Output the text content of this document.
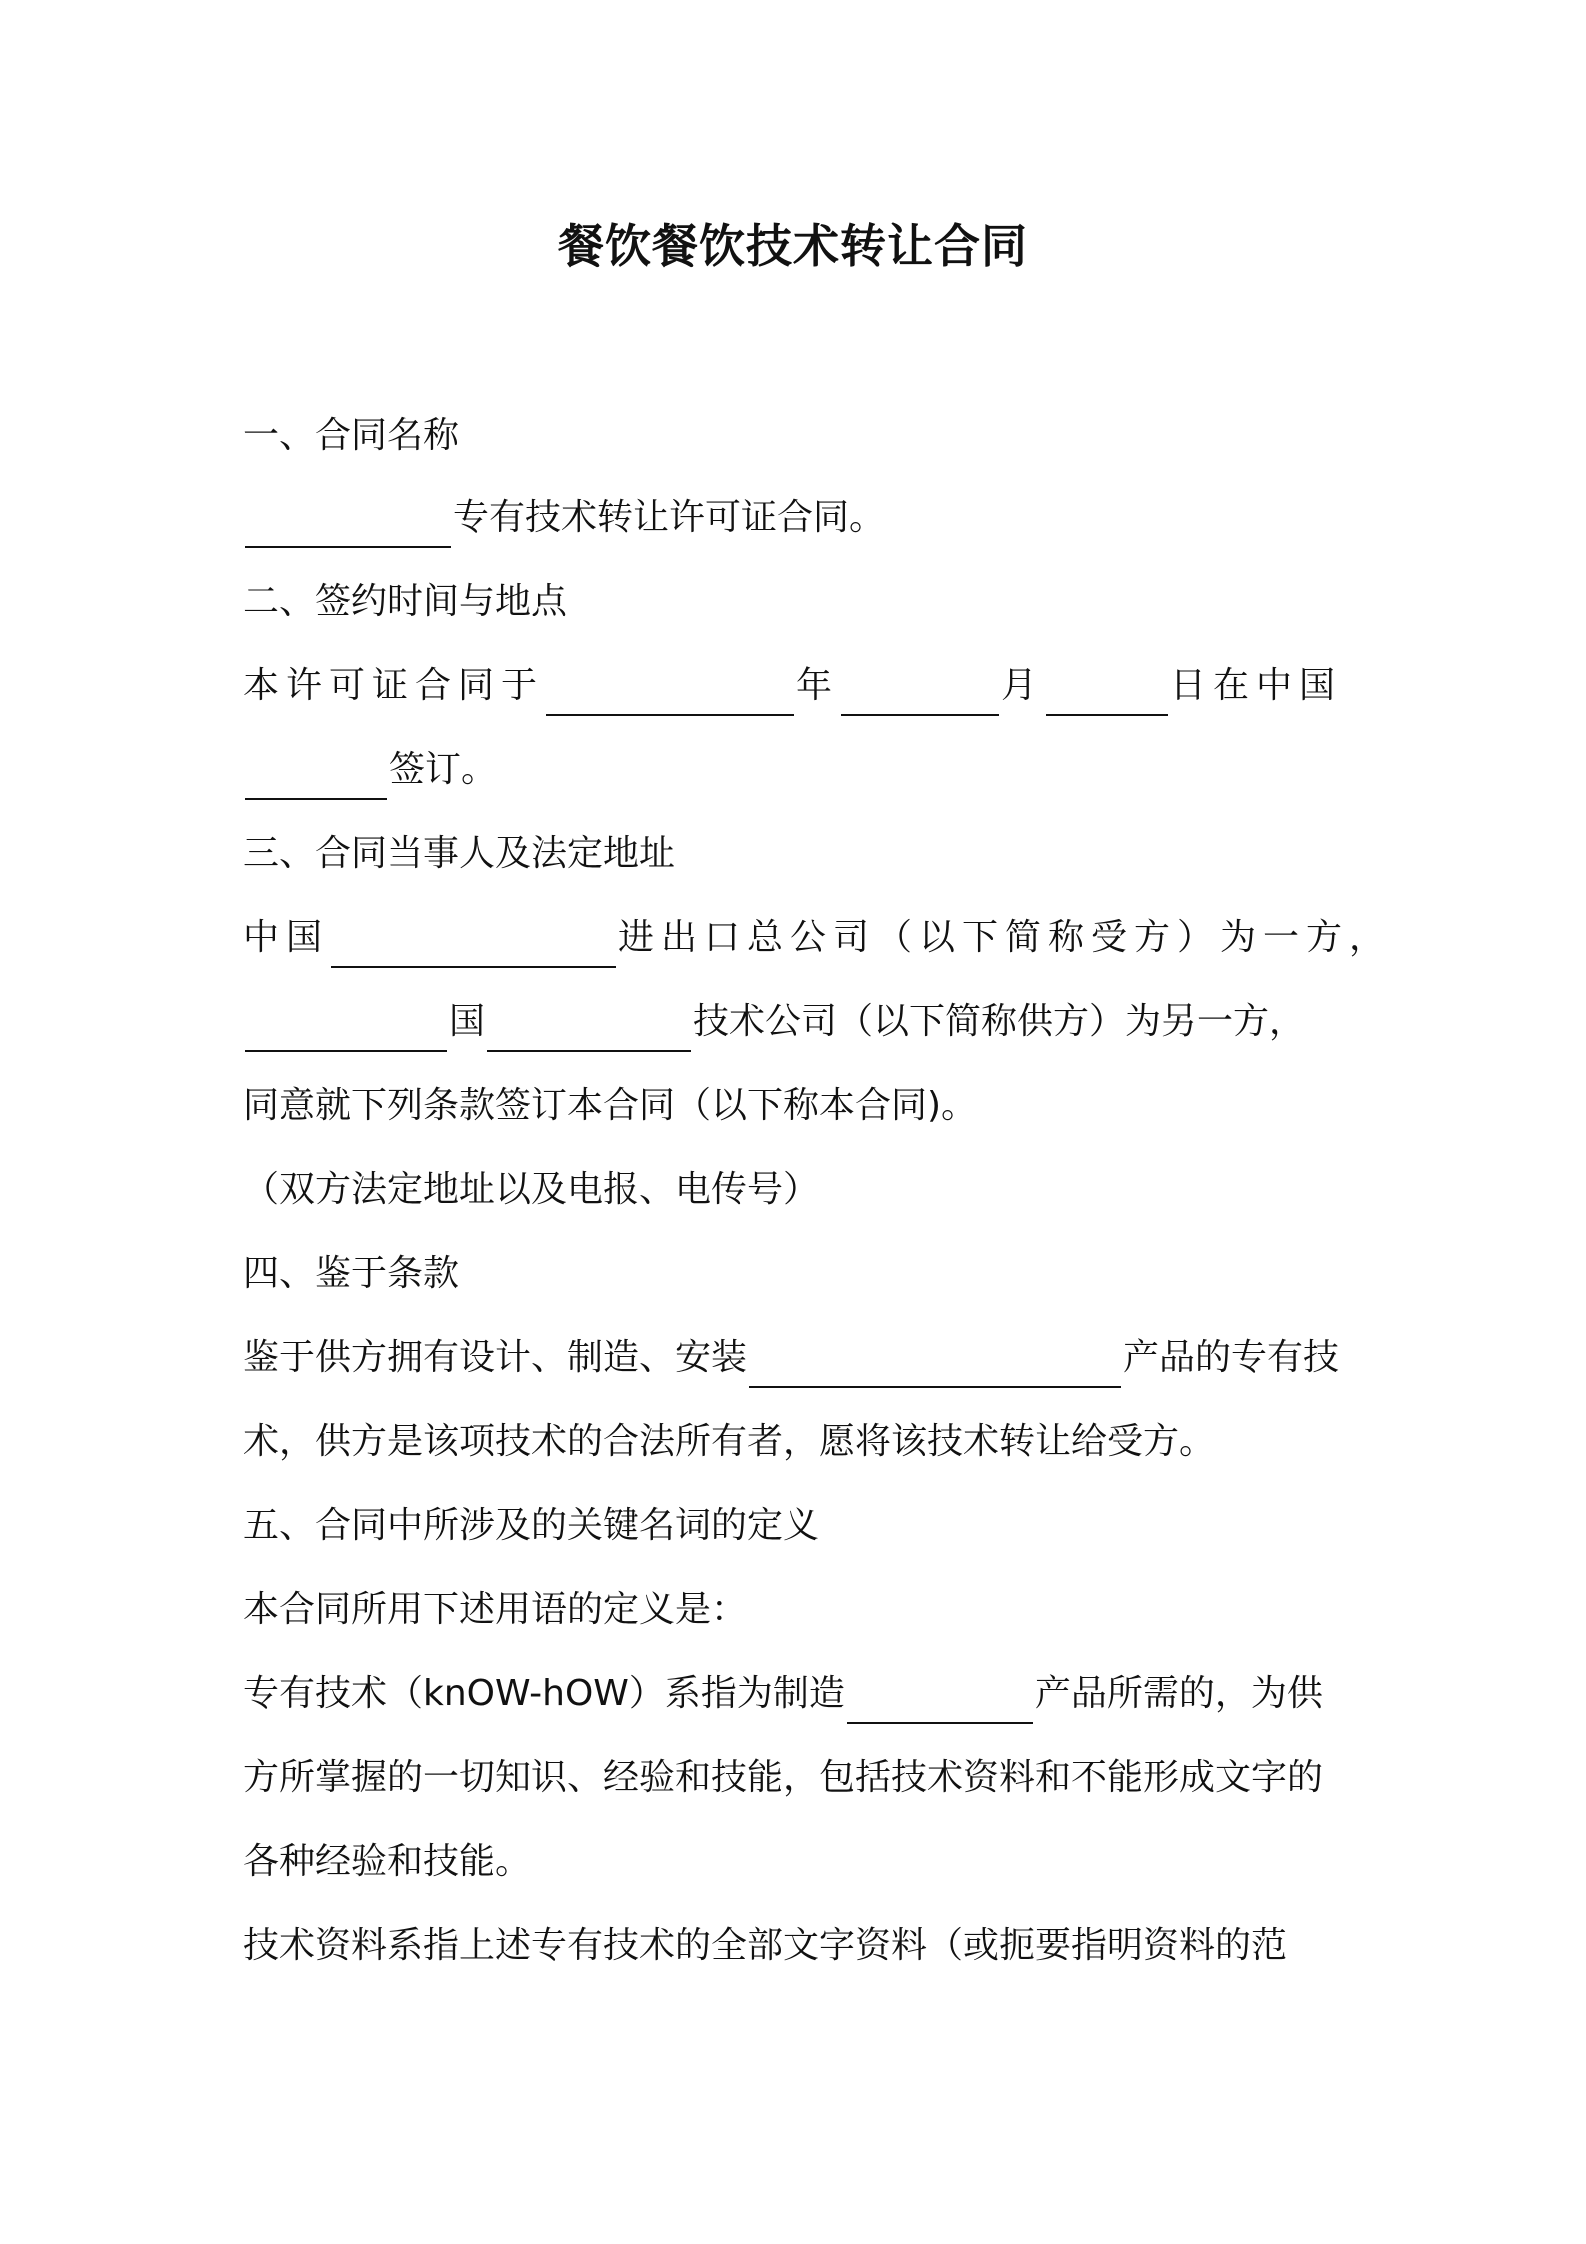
餐饮餐饮技术转让合同
一、合同名称
专有技术转让许可证合同。
二、签约时间与地点
本许可证合同于	年	月	日在中国
签订。
三、合同当事人及法定地址
中国	进出口总公司（以下简称受方）为一方，
国	技术公司（以下简称供方）为另一方，
同意就下列条款签订本合同（以下称本合同)。
（双方法定地址以及电报、电传号）
四、鉴于条款
鉴于供方拥有设计、制造、安装	产品的专有技
术，供方是该项技术的合法所有者，愿将该技术转让给受方。
五、合同中所涉及的关键名词的定义
本合同所用下述用语的定义是：
专有技术（knOW-hOW）系指为制造	产品所需的，为供
方所掌握的一切知识、经验和技能，包括技术资料和不能形成文字的
各种经验和技能。
技术资料系指上述专有技术的全部文字资料（或扼要指明资料的范
